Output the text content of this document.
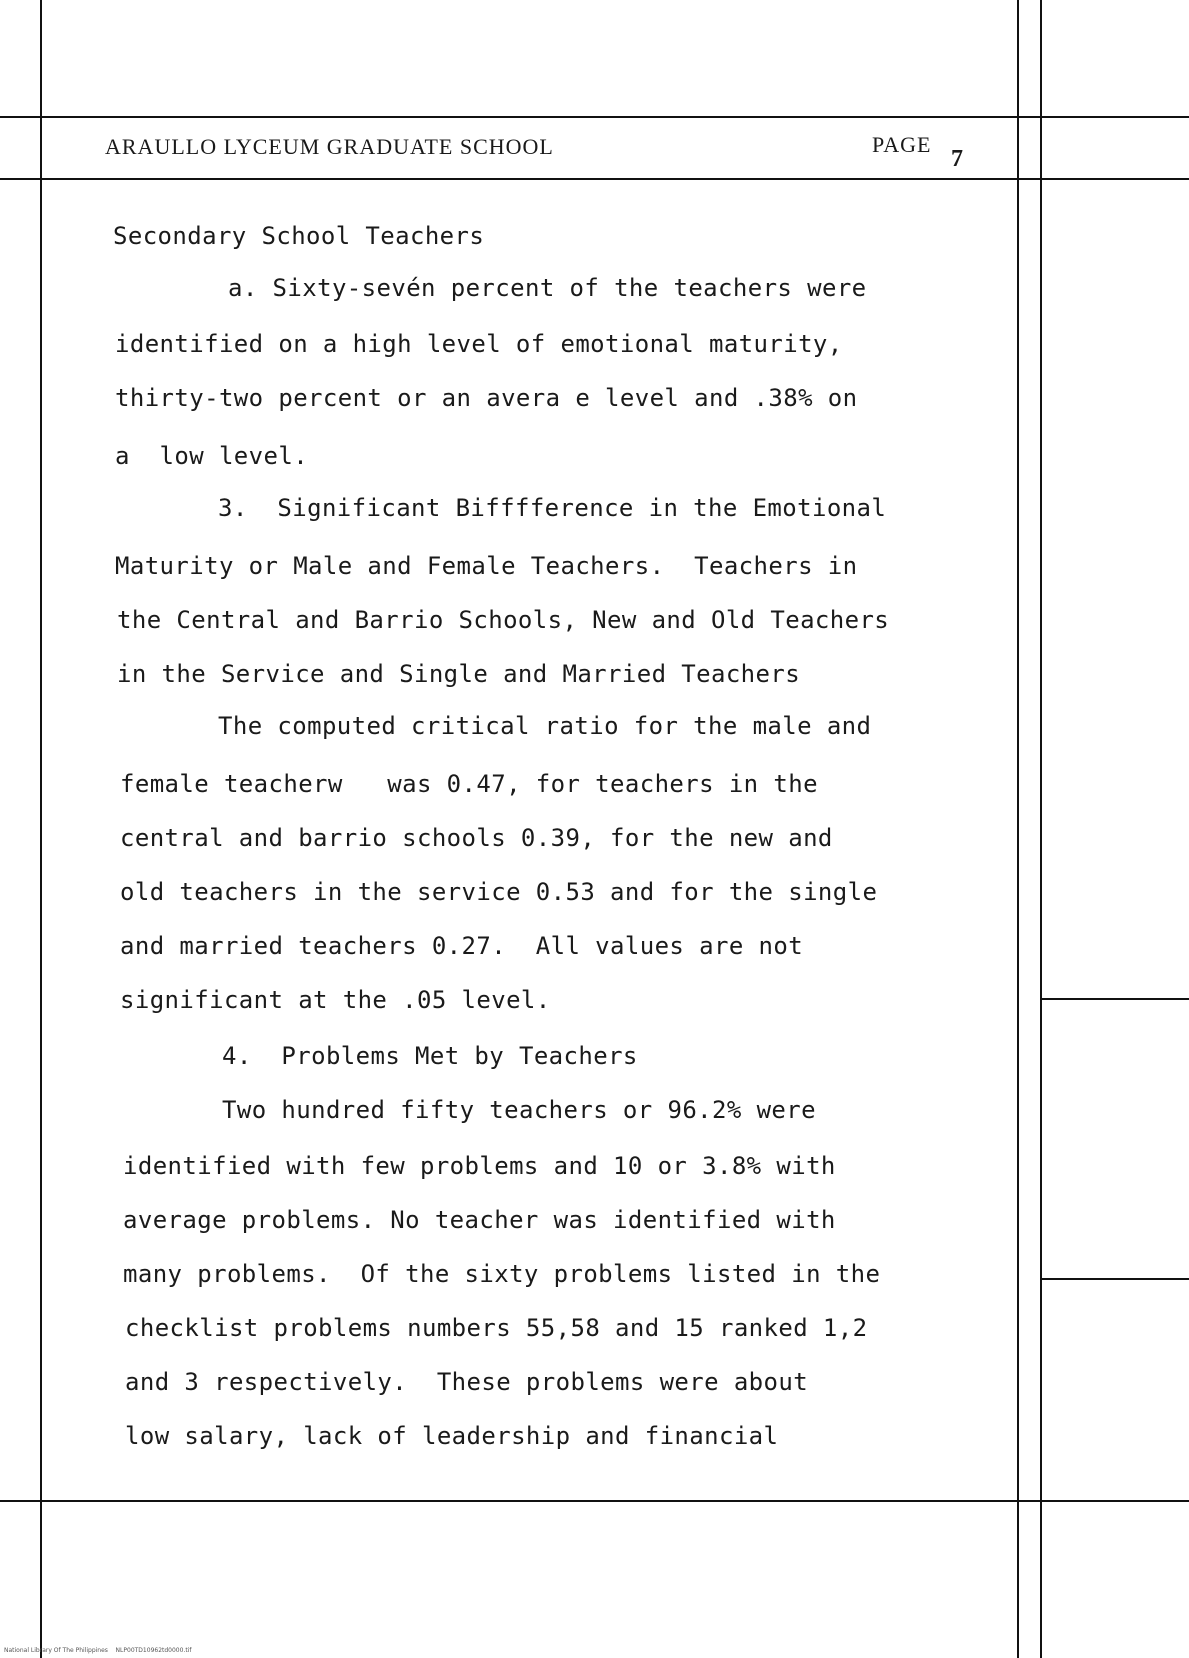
ARAULLO LYCEUM GRADUATE SCHOOL	PAGE
7
Secondary School Teachers
a. Sixty-sevén percent of the teachers were
identified on a high level of emotional maturity,
thirty-two percent or an avera e level and .38% on
a  low level.
3.  Significant Bifffference in the Emotional
Maturity or Male and Female Teachers.  Teachers in
the Central and Barrio Schools, New and Old Teachers
in the Service and Single and Married Teachers
The computed critical ratio for the male and
female teacherw   was 0.47, for teachers in the
central and barrio schools 0.39, for the new and
old teachers in the service 0.53 and for the single
and married teachers 0.27.  All values are not
significant at the .05 level.
4.  Problems Met by Teachers
Two hundred fifty teachers or 96.2% were
identified with few problems and 10 or 3.8% with
average problems. No teacher was identified with
many problems.  Of the sixty problems listed in the
checklist problems numbers 55,58 and 15 ranked 1,2
and 3 respectively.  These problems were about
low salary, lack of leadership and financial
National Library Of The Philippines    NLP00TD10962td0000.tif
